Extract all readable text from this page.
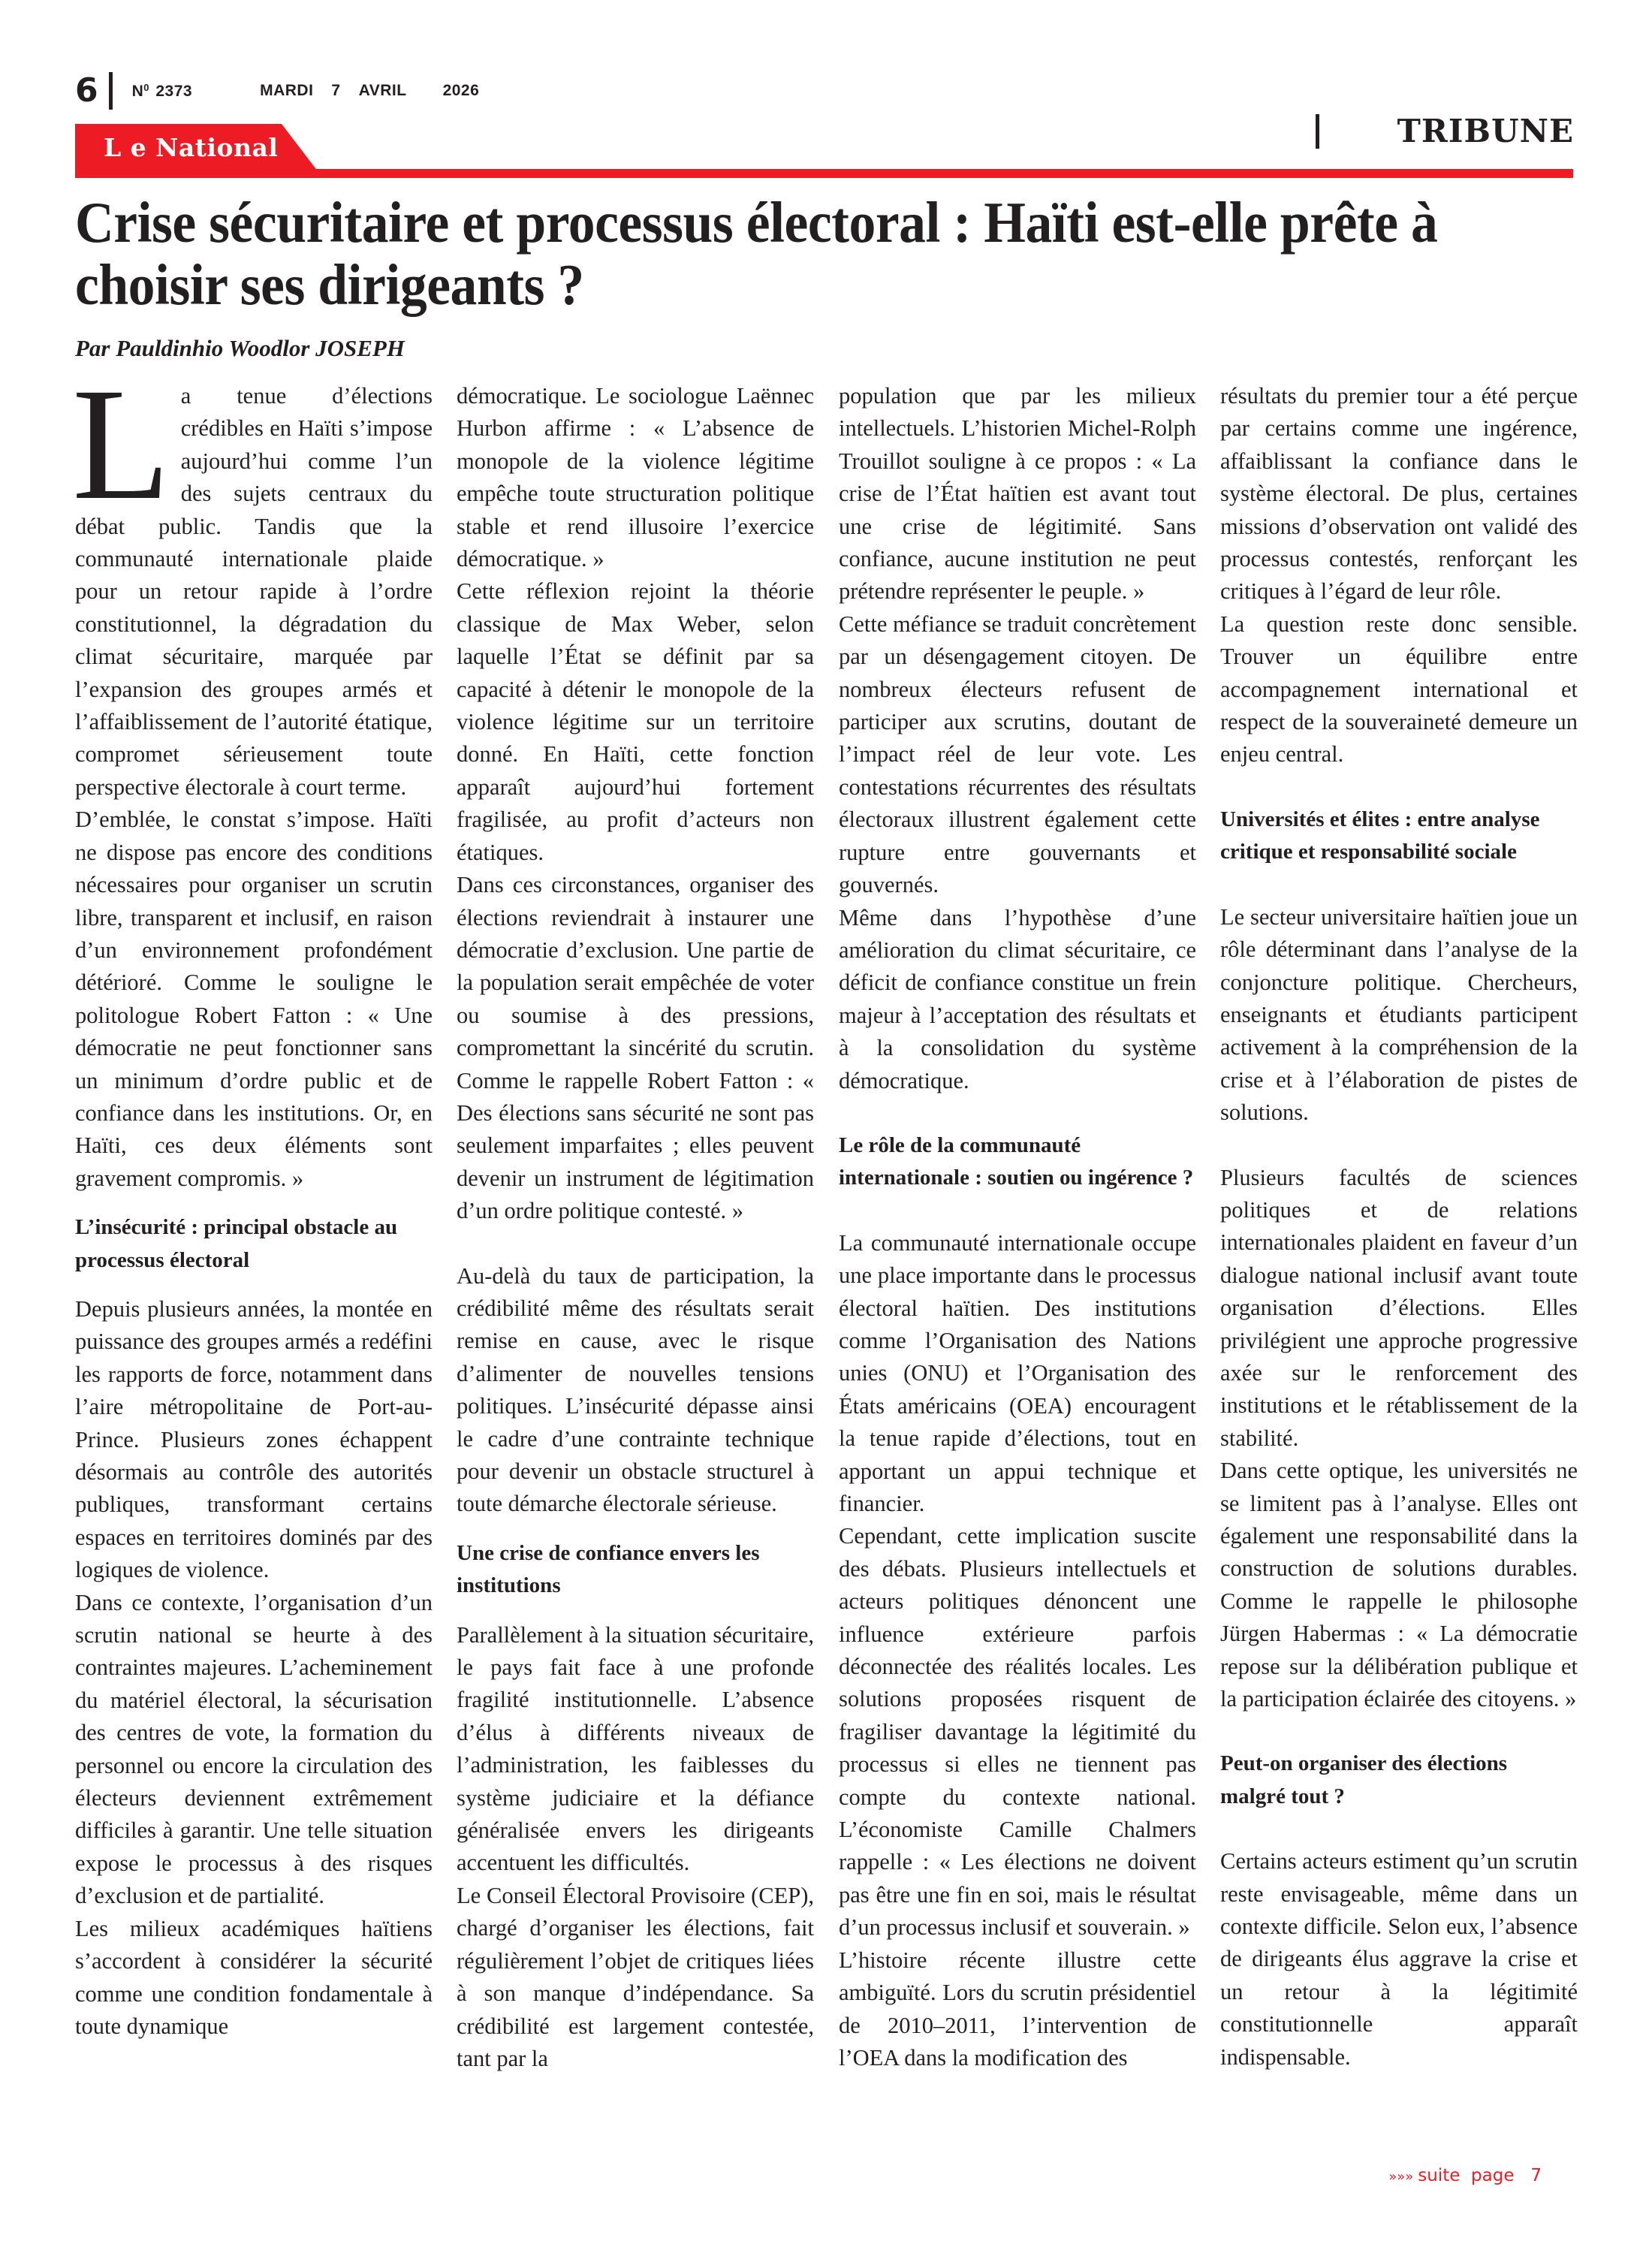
6 $N^0$ 2373	MARDI 7 AVRIL 2026
L e National	TRIBUNE
Crise sécuritaire et processus électoral : Haïti est-elle prête à choisir ses dirigeants ?

Par Pauldinhio Woodlor JOSEPH

L a tenue d’élections crédibles en Haïti s’impose aujourd’hui comme l’un des sujets centraux du débat public. Tandis que la communauté internationale plaide pour un retour rapide à l’ordre constitutionnel, la dégradation du climat sécuritaire, marquée par l’expansion des groupes armés et l’affaiblissement de l’autorité étatique, compromet sérieusement toute perspective électorale à court terme.

D’emblée, le constat s’impose. Haïti ne dispose pas encore des conditions nécessaires pour organiser un scrutin libre, transparent et inclusif, en raison d’un environnement profondément détérioré. Comme le souligne le politologue Robert Fatton : « Une démocratie ne peut fonctionner sans un minimum d’ordre public et de confiance dans les institutions. Or, en Haïti, ces deux éléments sont gravement compromis. »

L’insécurité : principal obstacle au processus électoral

Depuis plusieurs années, la montée en puissance des groupes armés a redéfini les rapports de force, notamment dans l’aire métropolitaine de Port-au-Prince. Plusieurs zones échappent désormais au contrôle des autorités publiques, transformant certains espaces en territoires dominés par des logiques de violence.

Dans ce contexte, l’organisation d’un scrutin national se heurte à des contraintes majeures. L’acheminement du matériel électoral, la sécurisation des centres de vote, la formation du personnel ou encore la circulation des électeurs deviennent extrêmement difficiles à garantir. Une telle situation expose le processus à des risques d’exclusion et de partialité.

Les milieux académiques haïtiens s’accordent à considérer la sécurité comme une condition fondamentale à toute dynamique

démocratique. Le sociologue Laënnec Hurbon affirme : « L’absence de monopole de la violence légitime empêche toute structuration politique stable et rend illusoire l’exercice démocratique. »

Cette réflexion rejoint la théorie classique de Max Weber, selon laquelle l’État se définit par sa capacité à détenir le monopole de la violence légitime sur un territoire donné. En Haïti, cette fonction apparaît aujourd’hui fortement fragilisée, au profit d’acteurs non étatiques.

Dans ces circonstances, organiser des élections reviendrait à instaurer une démocratie d’exclusion. Une partie de la population serait empêchée de voter ou soumise à des pressions, compromettant la sincérité du scrutin. Comme le rappelle Robert Fatton : « Des élections sans sécurité ne sont pas seulement imparfaites ; elles peuvent devenir un instrument de légitimation d’un ordre politique contesté. »

Au-delà du taux de participation, la crédibilité même des résultats serait remise en cause, avec le risque d’alimenter de nouvelles tensions politiques. L’insécurité dépasse ainsi le cadre d’une contrainte technique pour devenir un obstacle structurel à toute démarche électorale sérieuse.

Une crise de confiance envers les institutions

Parallèlement à la situation sécuritaire, le pays fait face à une profonde fragilité institutionnelle. L’absence d’élus à différents niveaux de l’administration, les faiblesses du système judiciaire et la défiance généralisée envers les dirigeants accentuent les difficultés.

Le Conseil Électoral Provisoire (CEP), chargé d’organiser les élections, fait régulièrement l’objet de critiques liées à son manque d’indépendance. Sa crédibilité est largement contestée, tant par la

population que par les milieux intellectuels. L’historien Michel-Rolph Trouillot souligne à ce propos : « La crise de l’État haïtien est avant tout une crise de légitimité. Sans confiance, aucune institution ne peut prétendre représenter le peuple. »

Cette méfiance se traduit concrètement par un désengagement citoyen. De nombreux électeurs refusent de participer aux scrutins, doutant de l’impact réel de leur vote. Les contestations récurrentes des résultats électoraux illustrent également cette rupture entre gouvernants et gouvernés.

Même dans l’hypothèse d’une amélioration du climat sécuritaire, ce déficit de confiance constitue un frein majeur à l’acceptation des résultats et à la consolidation du système démocratique.

Le rôle de la communauté internationale : soutien ou ingérence ?

La communauté internationale occupe une place importante dans le processus électoral haïtien. Des institutions comme l’Organisation des Nations unies (ONU) et l’Organisation des États américains (OEA) encouragent la tenue rapide d’élections, tout en apportant un appui technique et financier.

Cependant, cette implication suscite des débats. Plusieurs intellectuels et acteurs politiques dénoncent une influence extérieure parfois déconnectée des réalités locales. Les solutions proposées risquent de fragiliser davantage la légitimité du processus si elles ne tiennent pas compte du contexte national. L’économiste Camille Chalmers rappelle : « Les élections ne doivent pas être une fin en soi, mais le résultat d’un processus inclusif et souverain. »

L’histoire récente illustre cette ambiguïté. Lors du scrutin présidentiel de 2010–2011, l’intervention de l’OEA dans la modification des

résultats du premier tour a été perçue par certains comme une ingérence, affaiblissant la confiance dans le système électoral. De plus, certaines missions d’observation ont validé des processus contestés, renforçant les critiques à l’égard de leur rôle.

La question reste donc sensible. Trouver un équilibre entre accompagnement international et respect de la souveraineté demeure un enjeu central.

Universités et élites : entre analyse critique et responsabilité sociale

Le secteur universitaire haïtien joue un rôle déterminant dans l’analyse de la conjoncture politique. Chercheurs, enseignants et étudiants participent activement à la compréhension de la crise et à l’élaboration de pistes de solutions.

Plusieurs facultés de sciences politiques et de relations internationales plaident en faveur d’un dialogue national inclusif avant toute organisation d’élections. Elles privilégient une approche progressive axée sur le renforcement des institutions et le rétablissement de la stabilité.

Dans cette optique, les universités ne se limitent pas à l’analyse. Elles ont également une responsabilité dans la construction de solutions durables. Comme le rappelle le philosophe Jürgen Habermas : « La démocratie repose sur la délibération publique et la participation éclairée des citoyens. »

Peut-on organiser des élections malgré tout ?

Certains acteurs estiment qu’un scrutin reste envisageable, même dans un contexte difficile. Selon eux, l’absence de dirigeants élus aggrave la crise et un retour à la légitimité constitutionnelle apparaît indispensable.

»»» suite  page   7
